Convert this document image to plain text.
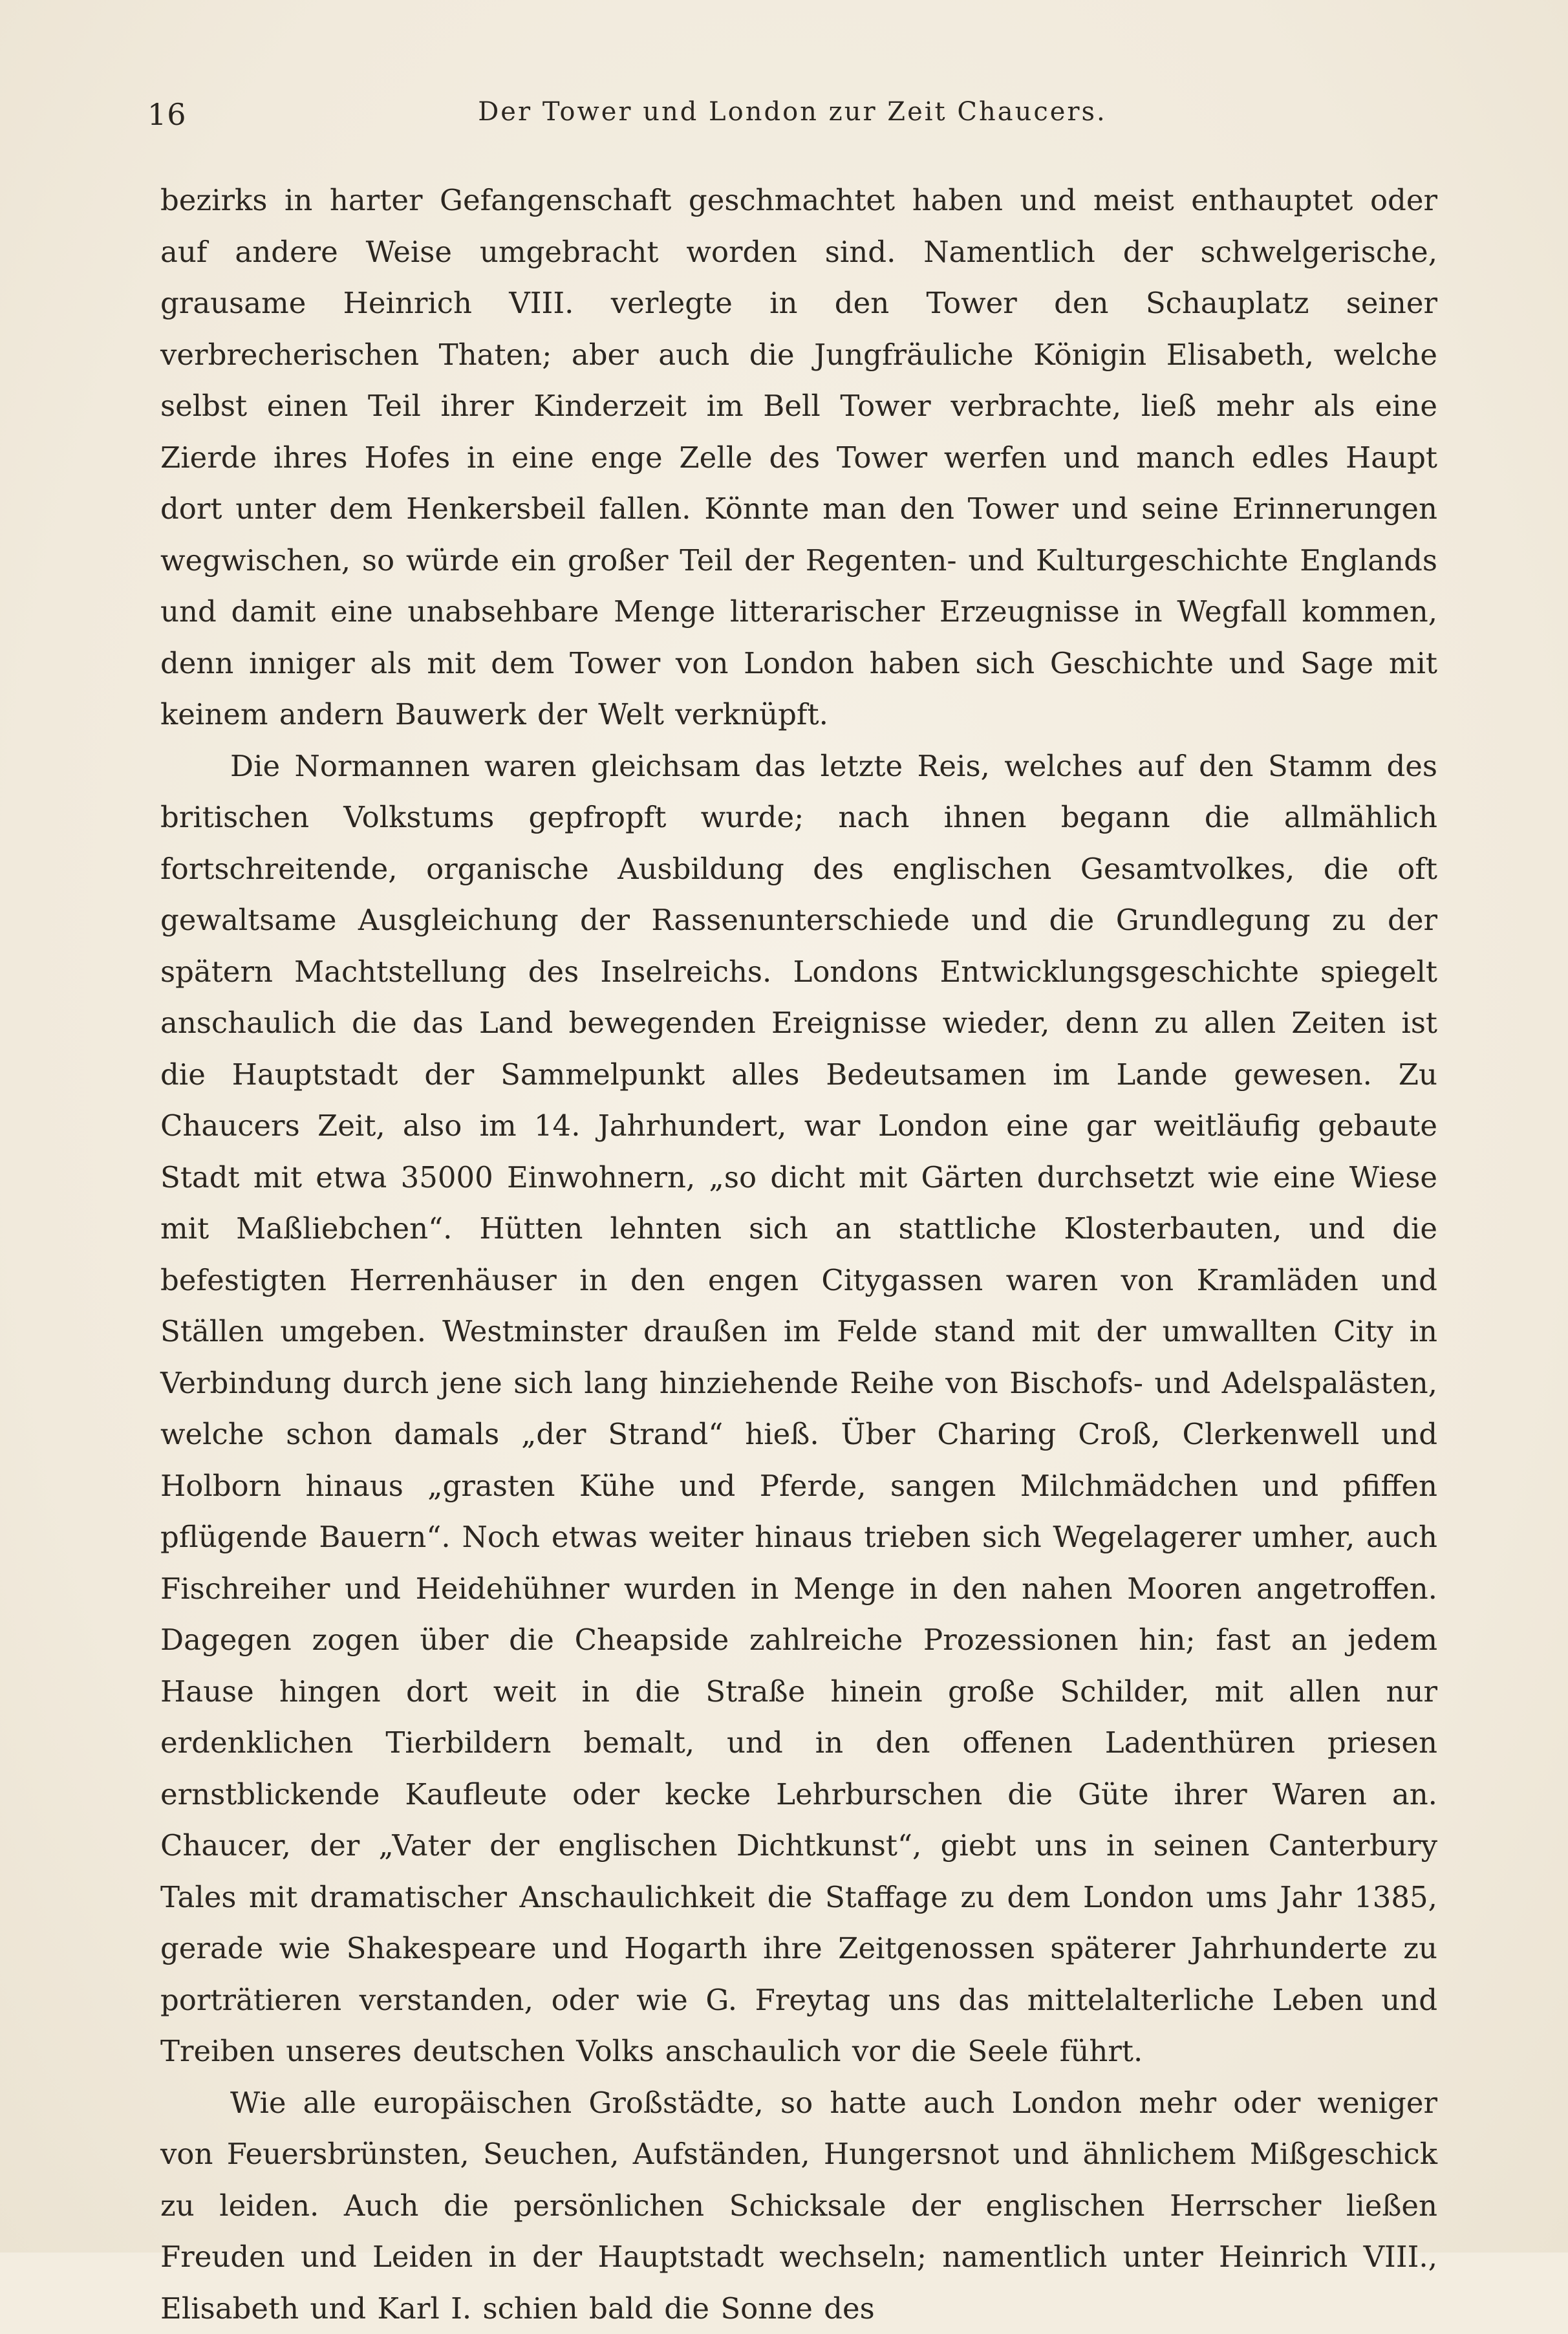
16	Der Tower und London zur Zeit Chaucers.

bezirks in harter Gefangenschaft geschmachtet haben und meist enthauptet oder auf andere Weise umgebracht worden sind. Namentlich der schwelgerische, grausame Heinrich VIII. verlegte in den Tower den Schauplatz seiner verbrecherischen Thaten; aber auch die Jungfräuliche Königin Elisabeth, welche selbst einen Teil ihrer Kinderzeit im Bell Tower verbrachte, ließ mehr als eine Zierde ihres Hofes in eine enge Zelle des Tower werfen und manch edles Haupt dort unter dem Henkersbeil fallen. Könnte man den Tower und seine Erinnerungen wegwischen, so würde ein großer Teil der Regenten- und Kulturgeschichte Englands und damit eine unabsehbare Menge litterarischer Erzeugnisse in Wegfall kommen, denn inniger als mit dem Tower von London haben sich Geschichte und Sage mit keinem andern Bauwerk der Welt verknüpft.

Die Normannen waren gleichsam das letzte Reis, welches auf den Stamm des britischen Volkstums gepfropft wurde; nach ihnen begann die allmählich fortschreitende, organische Ausbildung des englischen Gesamtvolkes, die oft gewaltsame Ausgleichung der Rassenunterschiede und die Grundlegung zu der spätern Machtstellung des Inselreichs. Londons Entwicklungsgeschichte spiegelt anschaulich die das Land bewegenden Ereignisse wieder, denn zu allen Zeiten ist die Hauptstadt der Sammelpunkt alles Bedeutsamen im Lande gewesen. Zu Chaucers Zeit, also im 14. Jahrhundert, war London eine gar weitläufig gebaute Stadt mit etwa 35000 Einwohnern, „so dicht mit Gärten durchsetzt wie eine Wiese mit Maßliebchen“. Hütten lehnten sich an stattliche Klosterbauten, und die befestigten Herrenhäuser in den engen Citygassen waren von Kramläden und Ställen umgeben. Westminster draußen im Felde stand mit der umwallten City in Verbindung durch jene sich lang hinziehende Reihe von Bischofs- und Adelspalästen, welche schon damals „der Strand“ hieß. Über Charing Croß, Clerkenwell und Holborn hinaus „grasten Kühe und Pferde, sangen Milchmädchen und pfiffen pflügende Bauern“. Noch etwas weiter hinaus trieben sich Wegelagerer umher, auch Fischreiher und Heidehühner wurden in Menge in den nahen Mooren angetroffen. Dagegen zogen über die Cheapside zahlreiche Prozessionen hin; fast an jedem Hause hingen dort weit in die Straße hinein große Schilder, mit allen nur erdenklichen Tierbildern bemalt, und in den offenen Ladenthüren priesen ernstblickende Kaufleute oder kecke Lehrburschen die Güte ihrer Waren an. Chaucer, der „Vater der englischen Dichtkunst“, giebt uns in seinen Canterbury Tales mit dramatischer Anschaulichkeit die Staffage zu dem London ums Jahr 1385, gerade wie Shakespeare und Hogarth ihre Zeitgenossen späterer Jahrhunderte zu porträtieren verstanden, oder wie G. Freytag uns das mittelalterliche Leben und Treiben unseres deutschen Volks anschaulich vor die Seele führt.

Wie alle europäischen Großstädte, so hatte auch London mehr oder weniger von Feuersbrünsten, Seuchen, Aufständen, Hungersnot und ähnlichem Mißgeschick zu leiden. Auch die persönlichen Schicksale der englischen Herrscher ließen Freuden und Leiden in der Hauptstadt wechseln; namentlich unter Heinrich VIII., Elisabeth und Karl I. schien bald die Sonne des
